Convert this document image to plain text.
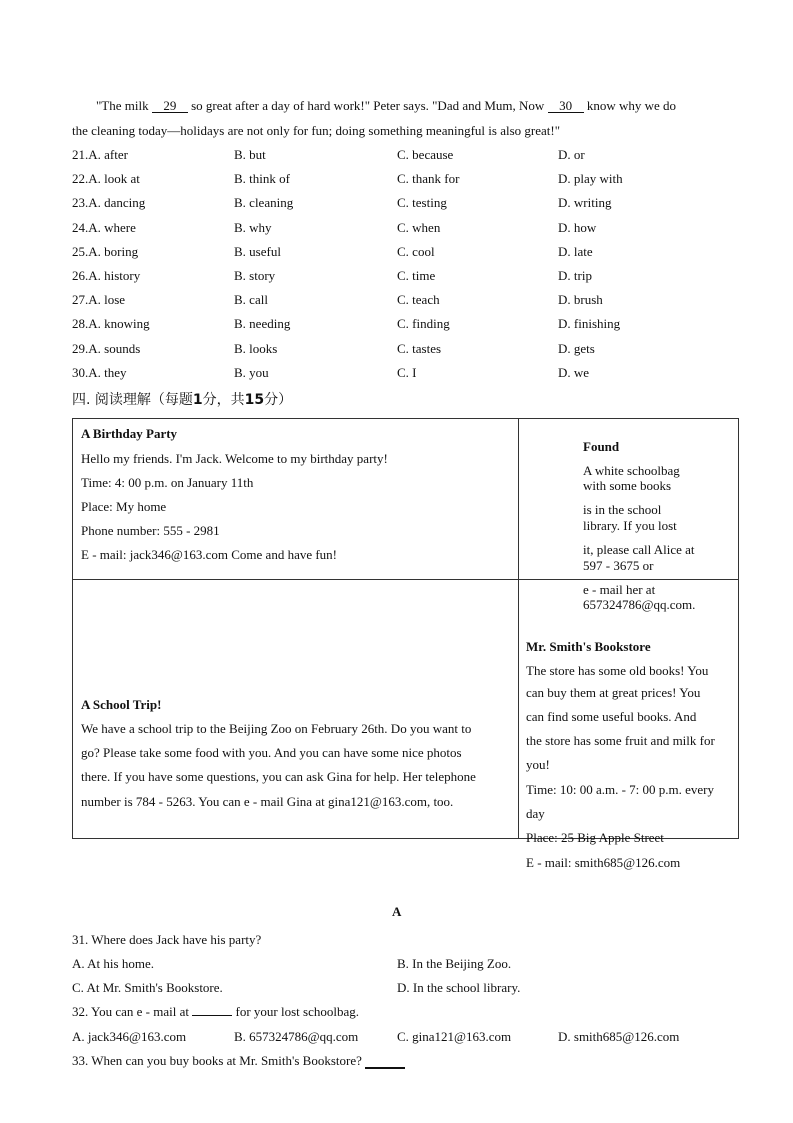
"The milk 29 so great after a day of hard work!" Peter says. "Dad and Mum, Now 30 know why we do
the cleaning today—holidays are not only for fun; doing something meaningful is also great!"
21.A. after	B. but	C. because	D. or
22.A. look at	B. think of	C. thank for	D. play with
23.A. dancing	B. cleaning	C. testing	D. writing
24.A. where	B. why	C. when	D. how
25.A. boring	B. useful	C. cool	D. late
26.A. history	B. story	C. time	D. trip
27.A. lose	B. call	C. teach	D. brush
28.A. knowing	B. needing	C. finding	D. finishing
29.A. sounds	B. looks	C. tastes	D. gets
30.A. they	B. you	C. I	D. we
四. 阅读理解（每题1分，共15分）
A Birthday Party
Hello my friends. I'm Jack. Welcome to my birthday party!
Time: 4: 00 p.m. on January 11th
Place: My home
Phone number: 555 - 2981
E - mail: jack346@163.com Come and have fun!
Found
A white schoolbag
with some books
is in the school
library. If you lost
it, please call Alice at
597 - 3675 or
e - mail her at
657324786@qq.com.
A School Trip!
We have a school trip to the Beijing Zoo on February 26th. Do you want to
go? Please take some food with you. And you can have some nice photos
there. If you have some questions, you can ask Gina for help. Her telephone
number is 784 - 5263. You can e - mail Gina at gina121@163.com, too.
Mr. Smith's Bookstore
The store has some old books! You
can buy them at great prices! You
can find some useful books. And
the store has some fruit and milk for
you!
Time: 10: 00 a.m. - 7: 00 p.m. every
day
Place: 25 Big Apple Street
E - mail: smith685@126.com
A
31. Where does Jack have his party?
A. At his home.	B. In the Beijing Zoo.
C. At Mr. Smith's Bookstore.	D. In the school library.
32. You can e - mail at	for your lost schoolbag.
A. jack346@163.com	B. 657324786@qq.com	C. gina121@163.com	D. smith685@126.com
33. When can you buy books at Mr. Smith's Bookstore?
